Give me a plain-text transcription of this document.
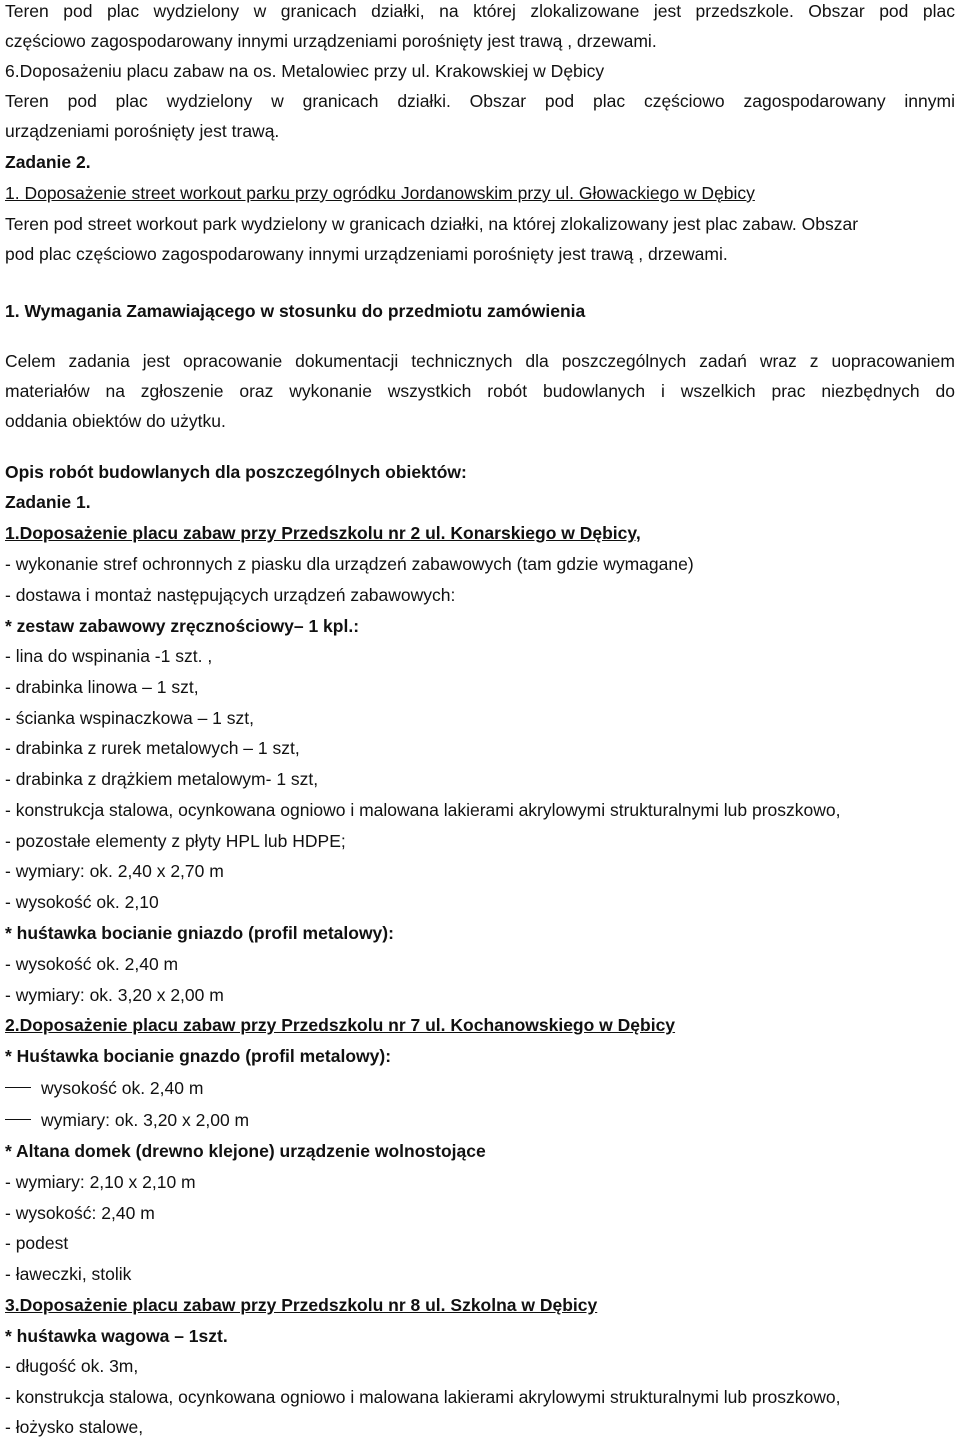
Teren pod plac wydzielony w granicach działki, na której zlokalizowane jest przedszkole. Obszar pod plac
częściowo zagospodarowany innymi urządzeniami porośnięty jest trawą , drzewami.
6.Doposażeniu placu zabaw na os. Metalowiec przy ul. Krakowskiej w Dębicy
Teren pod plac wydzielony w granicach działki. Obszar pod plac częściowo zagospodarowany innymi
urządzeniami porośnięty jest trawą.
Zadanie 2.
1. Doposażenie street workout parku przy ogródku Jordanowskim przy ul. Głowackiego w Dębicy
Teren pod street workout park wydzielony w granicach działki, na której zlokalizowany jest plac zabaw. Obszar
pod plac częściowo zagospodarowany innymi urządzeniami porośnięty jest trawą , drzewami.
1. Wymagania Zamawiającego w stosunku do przedmiotu zamówienia
Celem zadania jest opracowanie dokumentacji technicznych dla poszczególnych zadań wraz z uopracowaniem
materiałów na zgłoszenie oraz wykonanie wszystkich robót budowlanych i wszelkich prac niezbędnych do
oddania obiektów do użytku.
Opis robót budowlanych dla poszczególnych obiektów:
Zadanie 1.
1.Doposażenie placu zabaw przy Przedszkolu nr 2 ul. Konarskiego w Dębicy,
- wykonanie stref ochronnych z piasku dla urządzeń zabawowych (tam gdzie wymagane)
- dostawa i montaż następujących urządzeń zabawowych:
* zestaw zabawowy zręcznościowy– 1 kpl.:
- lina do wspinania -1 szt. ,
- drabinka linowa – 1 szt,
- ścianka wspinaczkowa – 1 szt,
- drabinka z rurek metalowych – 1 szt,
- drabinka z drążkiem metalowym- 1 szt,
- konstrukcja stalowa, ocynkowana ogniowo i malowana lakierami akrylowymi strukturalnymi lub proszkowo,
- pozostałe elementy z płyty HPL lub HDPE;
- wymiary: ok. 2,40 x 2,70 m
- wysokość ok. 2,10
* huśtawka bocianie gniazdo (profil metalowy):
- wysokość ok. 2,40 m
- wymiary: ok. 3,20 x 2,00 m
2.Doposażenie placu zabaw przy Przedszkolu nr 7 ul. Kochanowskiego w Dębicy
* Huśtawka bocianie gnazdo (profil metalowy):
wysokość ok. 2,40 m
wymiary: ok. 3,20 x 2,00 m
* Altana domek (drewno klejone) urządzenie wolnostojące
- wymiary: 2,10 x 2,10 m
- wysokość: 2,40 m
- podest
- ławeczki, stolik
3.Doposażenie placu zabaw przy Przedszkolu nr 8 ul. Szkolna w Dębicy
* huśtawka wagowa – 1szt.
- długość ok. 3m,
- konstrukcja stalowa, ocynkowana ogniowo i malowana lakierami akrylowymi strukturalnymi lub proszkowo,
- łożysko stalowe,
